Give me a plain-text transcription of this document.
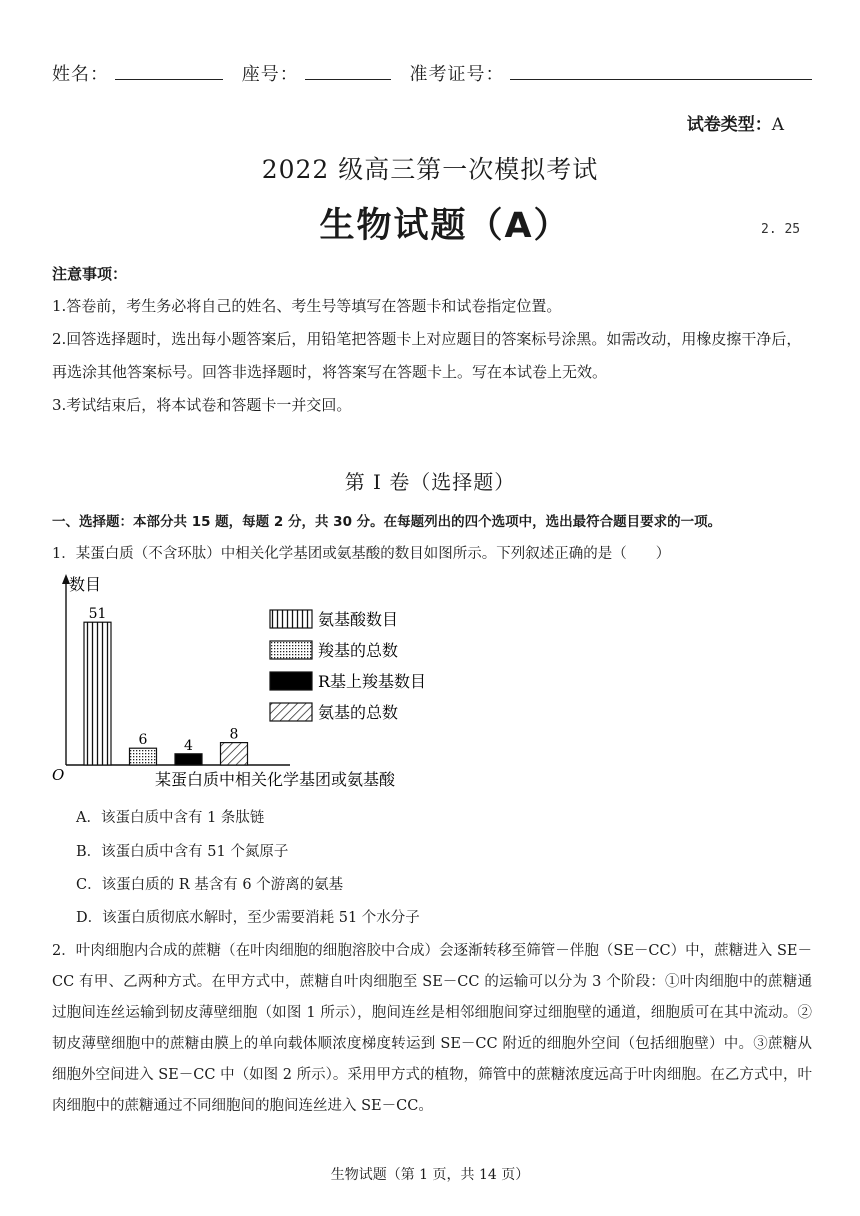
姓名：	座号：	准考证号：
试卷类型：A
2022 级高三第一次模拟考试
生物试题（A）	2. 25
注意事项：
1.答卷前，考生务必将自己的姓名、考生号等填写在答题卡和试卷指定位置。
2.回答选择题时，选出每小题答案后，用铅笔把答题卡上对应题目的答案标号涂黑。如需改动，用橡皮擦干净后，再选涂其他答案标号。回答非选择题时，将答案写在答题卡上。写在本试卷上无效。
3.考试结束后，将本试卷和答题卡一并交回。
第 I 卷（选择题）
一、选择题：本部分共 15 题，每题 2 分，共 30 分。在每题列出的四个选项中，选出最符合题目要求的一项。
1．某蛋白质（不含环肽）中相关化学基团或氨基酸的数目如图所示。下列叙述正确的是（　　）
数目
O	某蛋白质中相关化学基团或氨基酸
51
6	4
8
氨基酸数目
羧基的总数
R基上羧基数目
氨基的总数
A．该蛋白质中含有 1 条肽链
B．该蛋白质中含有 51 个氮原子
C．该蛋白质的 R 基含有 6 个游离的氨基
D．该蛋白质彻底水解时，至少需要消耗 51 个水分子
2．叶肉细胞内合成的蔗糖（在叶肉细胞的细胞溶胶中合成）会逐渐转移至筛管－伴胞（SE－CC）中，蔗糖进入 SE－CC 有甲、乙两种方式。在甲方式中，蔗糖自叶肉细胞至 SE－CC 的运输可以分为 3 个阶段：①叶肉细胞中的蔗糖通过胞间连丝运输到韧皮薄壁细胞（如图 1 所示），胞间连丝是相邻细胞间穿过细胞壁的通道，细胞质可在其中流动。②韧皮薄壁细胞中的蔗糖由膜上的单向载体顺浓度梯度转运到 SE－CC 附近的细胞外空间（包括细胞壁）中。③蔗糖从细胞外空间进入 SE－CC 中（如图 2 所示）。采用甲方式的植物，筛管中的蔗糖浓度远高于叶肉细胞。在乙方式中，叶肉细胞中的蔗糖通过不同细胞间的胞间连丝进入 SE－CC。
生物试题（第 1 页，共 14 页）
